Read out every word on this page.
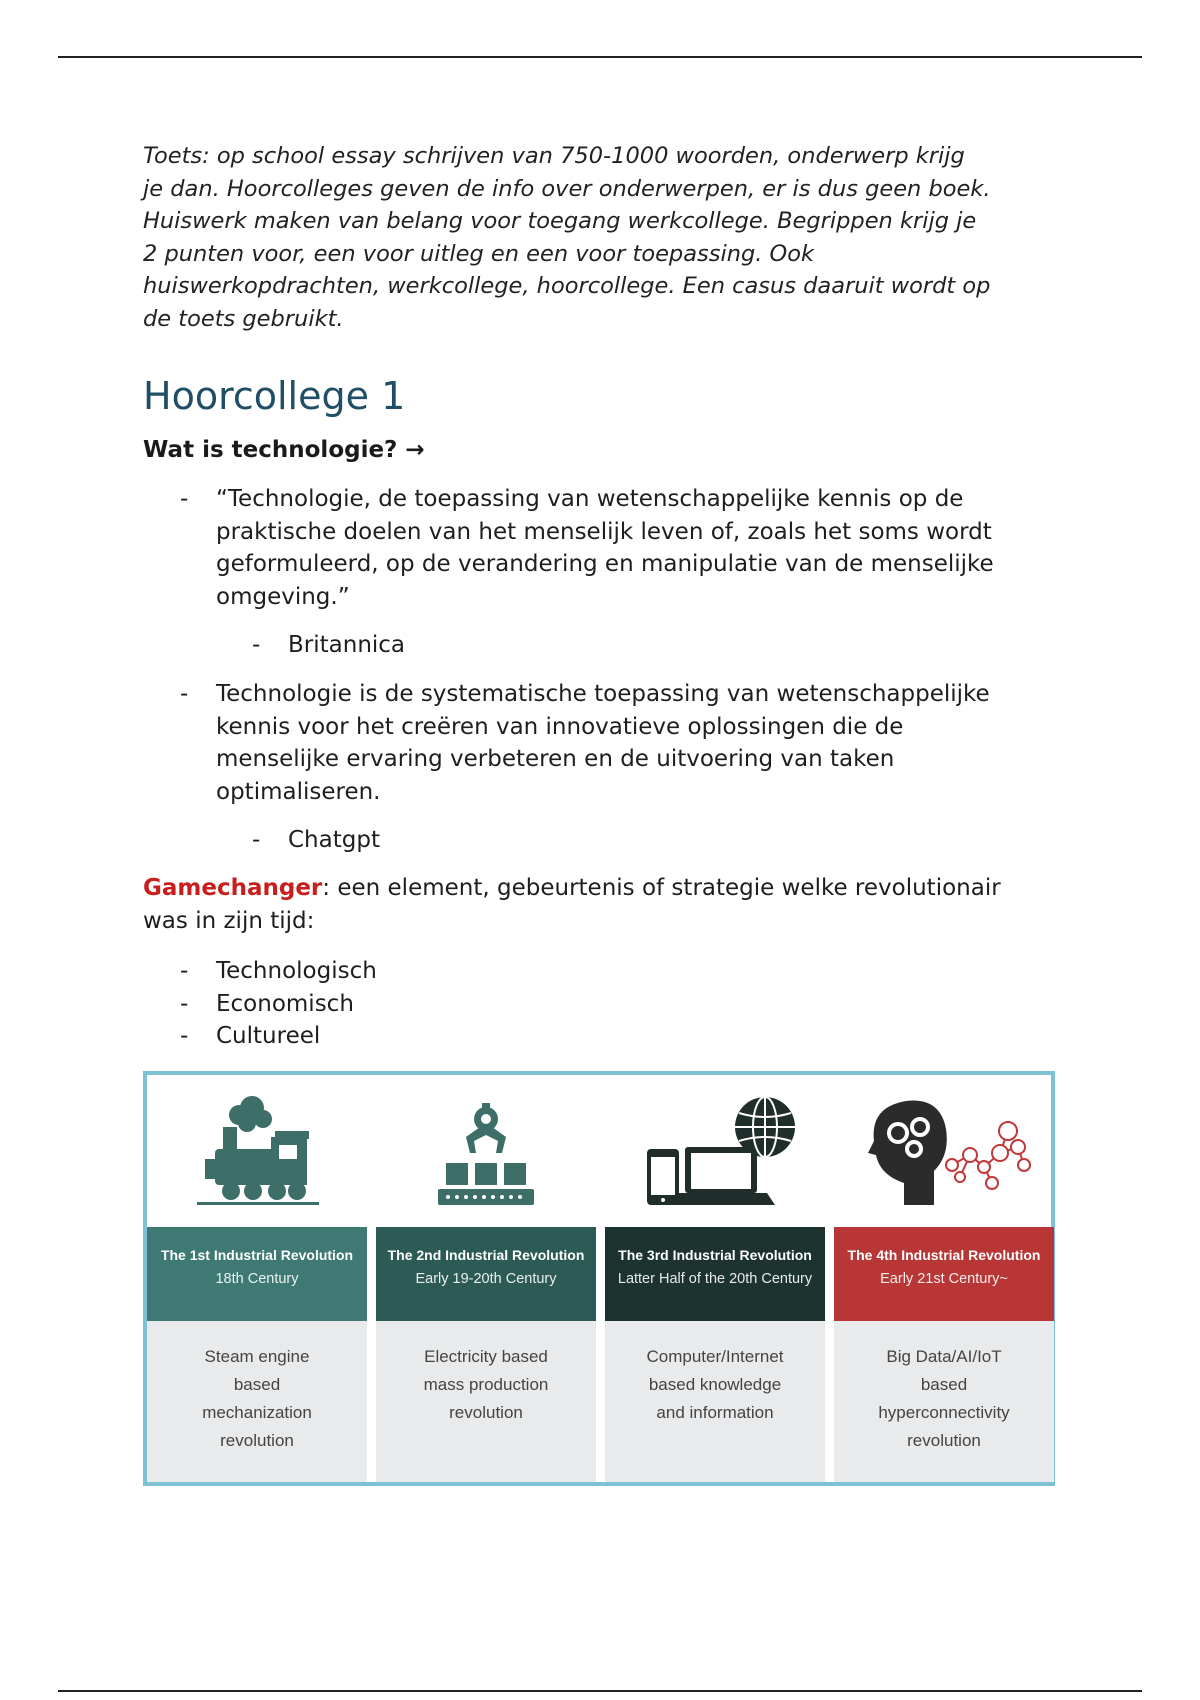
Toets: op school essay schrijven van 750-1000 woorden, onderwerp krijg
je dan. Hoorcolleges geven de info over onderwerpen, er is dus geen boek.
Huiswerk maken van belang voor toegang werkcollege. Begrippen krijg je
2 punten voor, een voor uitleg en een voor toepassing. Ook
huiswerkopdrachten, werkcollege, hoorcollege. Een casus daaruit wordt op
de toets gebruikt.
Hoorcollege 1
Wat is technologie? →
- “Technologie, de toepassing van wetenschappelijke kennis op de
praktische doelen van het menselijk leven of, zoals het soms wordt
geformuleerd, op de verandering en manipulatie van de menselijke
omgeving.”
- Britannica
- Technologie is de systematische toepassing van wetenschappelijke
kennis voor het creëren van innovatieve oplossingen die de
menselijke ervaring verbeteren en de uitvoering van taken
optimaliseren.
- Chatgpt
Gamechanger: een element, gebeurtenis of strategie welke revolutionair
was in zijn tijd:
- Technologisch
- Economisch
- Cultureel
The 1st Industrial Revolution
18th Century
Steam engine
based
mechanization
revolution
The 2nd Industrial Revolution
Early 19-20th Century
Electricity based
mass production
revolution
The 3rd Industrial Revolution
Latter Half of the 20th Century
Computer/Internet
based knowledge
and information
The 4th Industrial Revolution
Early 21st Century~
Big Data/AI/IoT
based
hyperconnectivity
revolution
